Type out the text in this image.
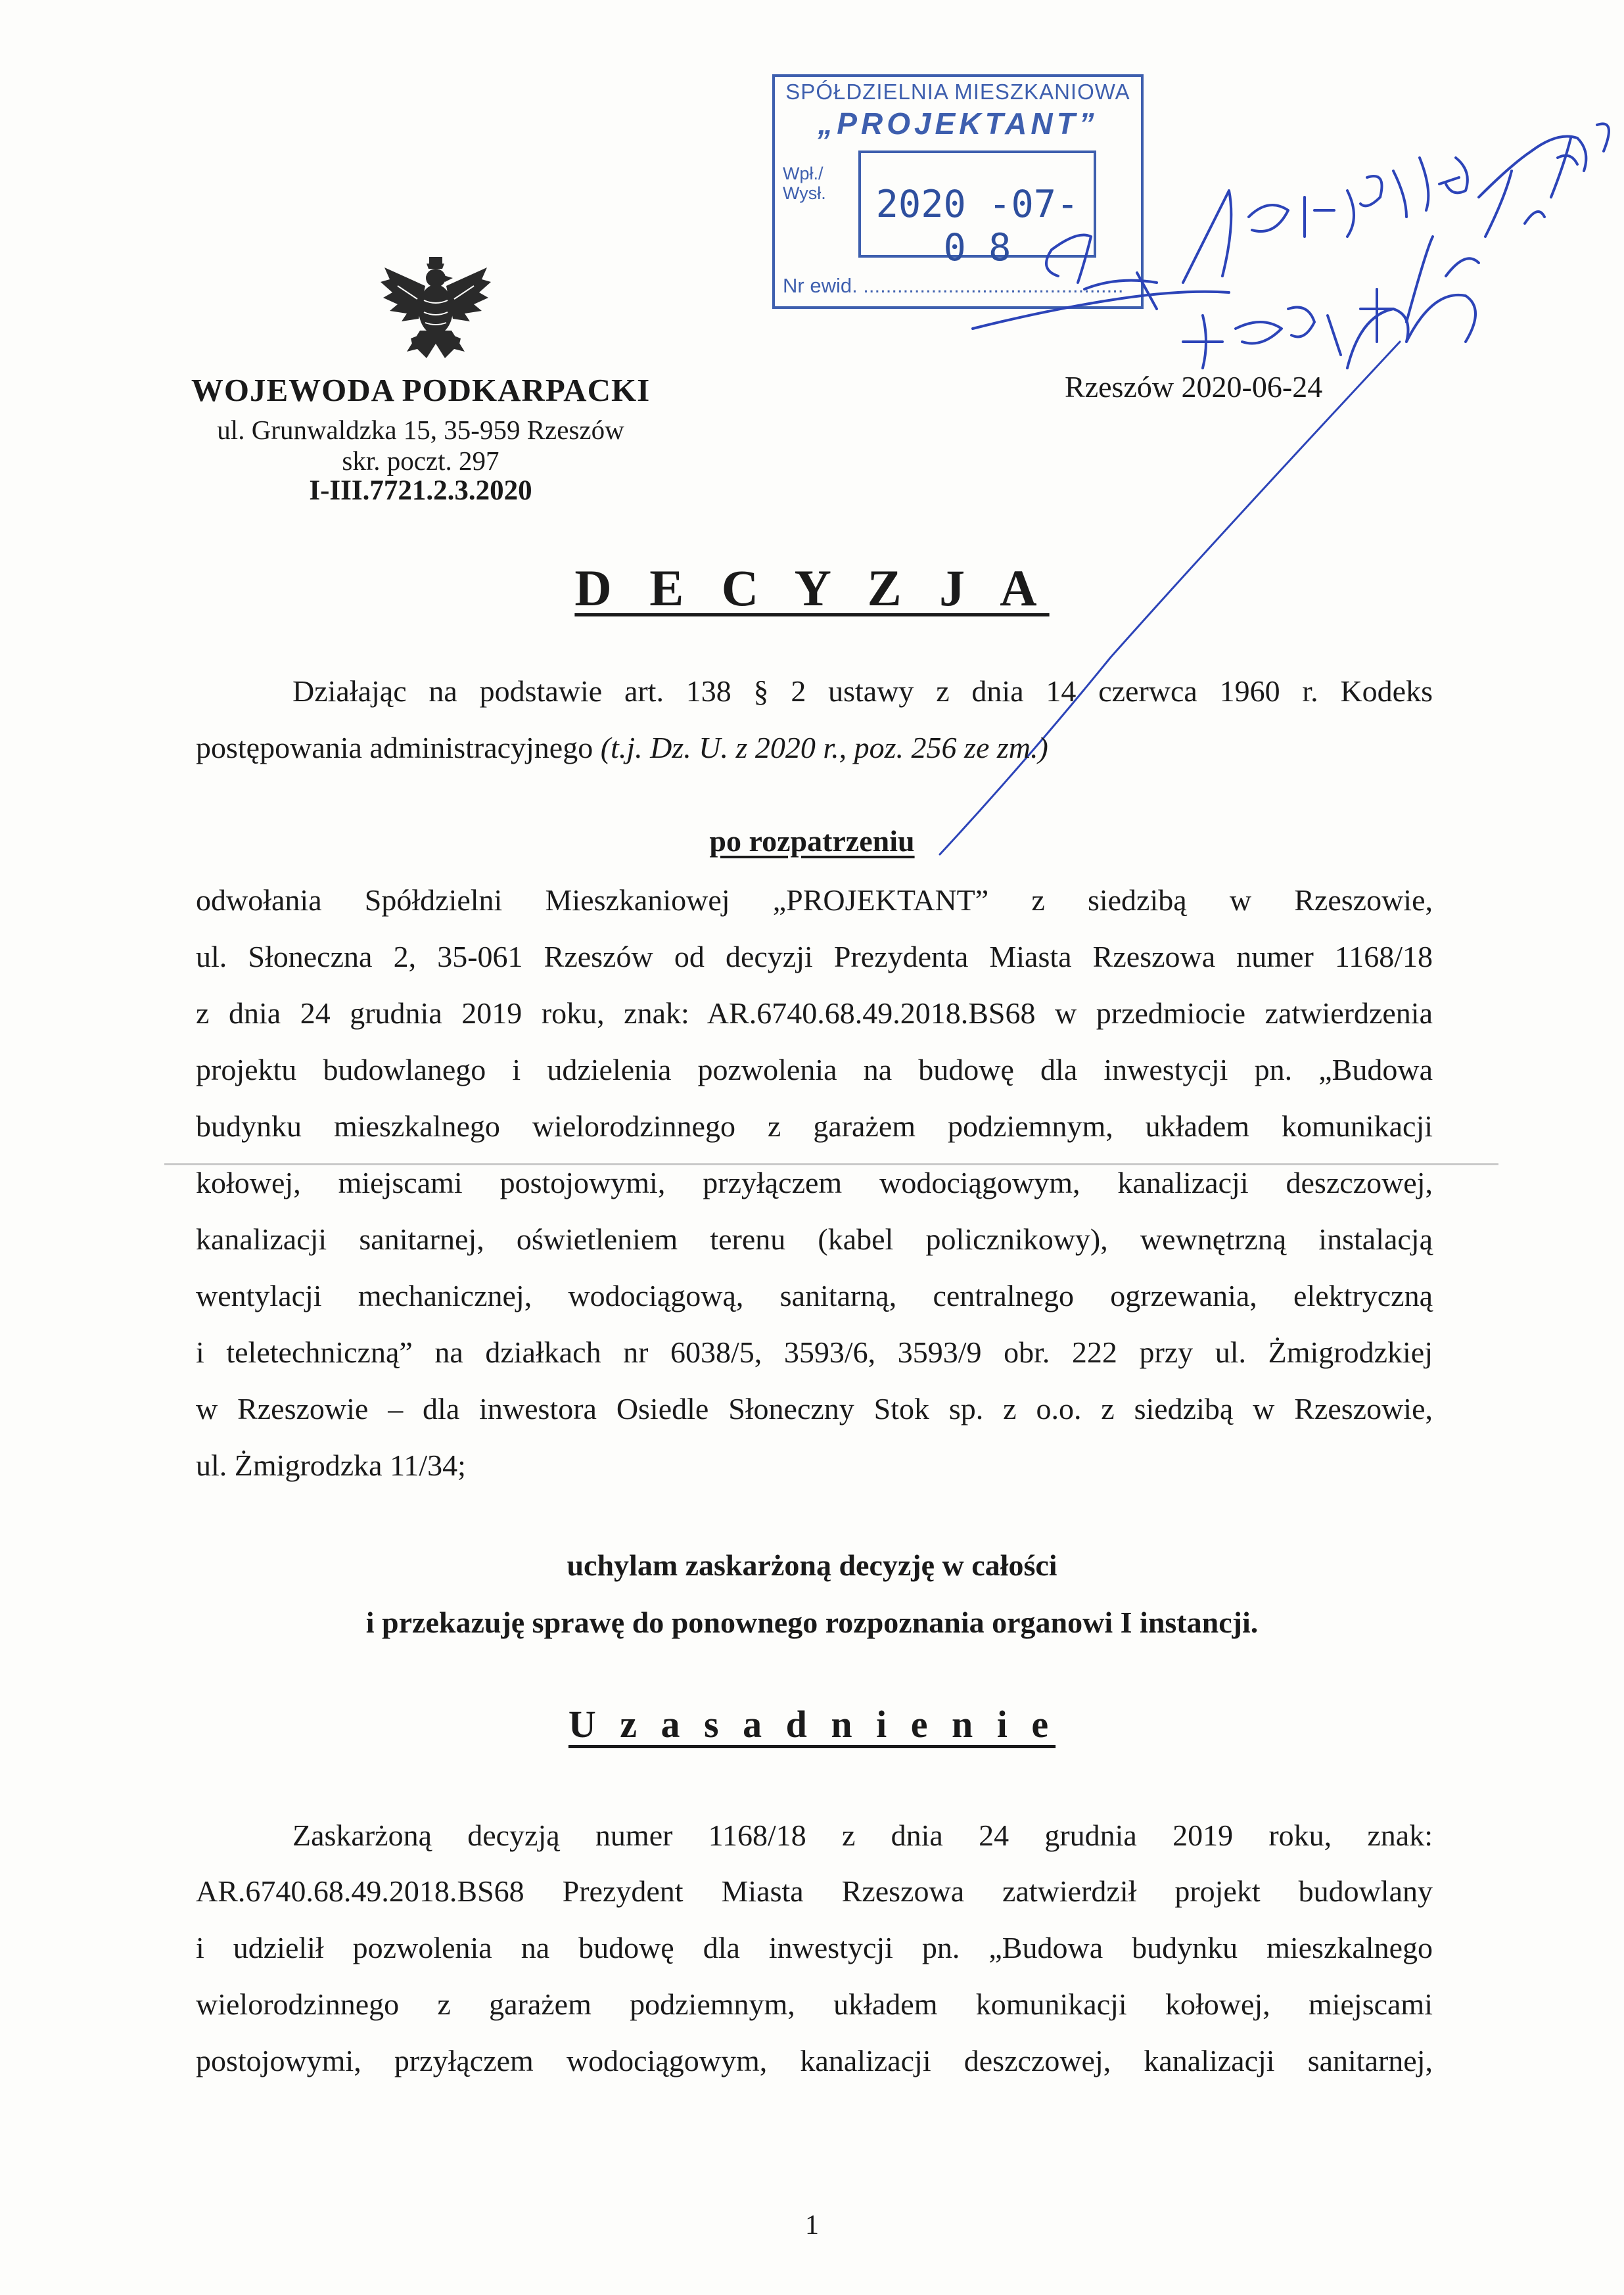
WOJEWODA PODKARPACKI
ul. Grunwaldzka 15, 35-959 Rzeszów
skr. poczt. 297
I-III.7721.2.3.2020
Rzeszów 2020-06-24
SPÓŁDZIELNIA MIESZKANIOWA
„PROJEKTANT”
Wpł./
Wysł.	2020 -07- 0 8
Nr ewid. ..............................................
D E C Y Z J A
Działając na podstawie art. 138 § 2 ustawy z dnia 14 czerwca 1960 r. Kodeks
postępowania administracyjnego (t.j. Dz. U. z 2020 r., poz. 256 ze zm.)
po rozpatrzeniu
odwołania Spółdzielni Mieszkaniowej „PROJEKTANT” z siedzibą w Rzeszowie,
ul. Słoneczna 2, 35-061 Rzeszów od decyzji Prezydenta Miasta Rzeszowa numer 1168/18
z dnia 24 grudnia 2019 roku, znak: AR.6740.68.49.2018.BS68 w przedmiocie zatwierdzenia
projektu budowlanego i udzielenia pozwolenia na budowę dla inwestycji pn. „Budowa
budynku mieszkalnego wielorodzinnego z garażem podziemnym, układem komunikacji
kołowej, miejscami postojowymi, przyłączem wodociągowym, kanalizacji deszczowej,
kanalizacji sanitarnej, oświetleniem terenu (kabel policznikowy), wewnętrzną instalacją
wentylacji mechanicznej, wodociągową, sanitarną, centralnego ogrzewania, elektryczną
i teletechniczną” na działkach nr 6038/5, 3593/6, 3593/9 obr. 222 przy ul. Żmigrodzkiej
w Rzeszowie – dla inwestora Osiedle Słoneczny Stok sp. z o.o. z siedzibą w Rzeszowie,
ul. Żmigrodzka 11/34;
uchylam zaskarżoną decyzję w całości
i przekazuję sprawę do ponownego rozpoznania organowi I instancji.
U z a s a d n i e n i e
Zaskarżoną decyzją numer 1168/18 z dnia 24 grudnia 2019 roku, znak:
AR.6740.68.49.2018.BS68 Prezydent Miasta Rzeszowa zatwierdził projekt budowlany
i udzielił pozwolenia na budowę dla inwestycji pn. „Budowa budynku mieszkalnego
wielorodzinnego z garażem podziemnym, układem komunikacji kołowej, miejscami
postojowymi, przyłączem wodociągowym, kanalizacji deszczowej, kanalizacji sanitarnej,
1
